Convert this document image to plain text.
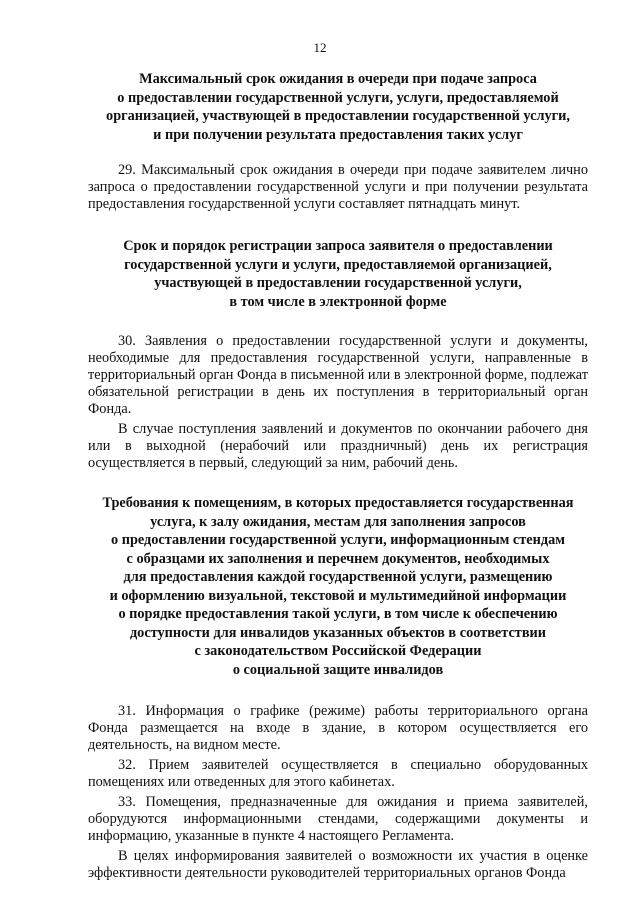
12
Максимальный срок ожидания в очереди при подаче запроса
о предоставлении государственной услуги, услуги, предоставляемой
организацией, участвующей в предоставлении государственной услуги,
и при получении результата предоставления таких услуг

29. Максимальный срок ожидания в очереди при подаче заявителем лично запроса о предоставлении государственной услуги и при получении результата предоставления государственной услуги составляет пятнадцать минут.

Срок и порядок регистрации запроса заявителя о предоставлении
государственной услуги и услуги, предоставляемой организацией,
участвующей в предоставлении государственной услуги,
в том числе в электронной форме

30. Заявления о предоставлении государственной услуги и документы, необходимые для предоставления государственной услуги, направленные в территориальный орган Фонда в письменной или в электронной форме, подлежат обязательной регистрации в день их поступления в территориальный орган Фонда.

В случае поступления заявлений и документов по окончании рабочего дня или в выходной (нерабочий или праздничный) день их регистрация осуществляется в первый, следующий за ним, рабочий день.

Требования к помещениям, в которых предоставляется государственная
услуга, к залу ожидания, местам для заполнения запросов
о предоставлении государственной услуги, информационным стендам
с образцами их заполнения и перечнем документов, необходимых
для предоставления каждой государственной услуги, размещению
и оформлению визуальной, текстовой и мультимедийной информации
о порядке предоставления такой услуги, в том числе к обеспечению
доступности для инвалидов указанных объектов в соответствии
с законодательством Российской Федерации
о социальной защите инвалидов

31. Информация о графике (режиме) работы территориального органа Фонда размещается на входе в здание, в котором осуществляется его деятельность, на видном месте.

32. Прием заявителей осуществляется в специально оборудованных помещениях или отведенных для этого кабинетах.

33. Помещения, предназначенные для ожидания и приема заявителей, оборудуются информационными стендами, содержащими документы и информацию, указанные в пункте 4 настоящего Регламента.

В целях информирования заявителей о возможности их участия в оценке эффективности деятельности руководителей территориальных органов Фонда
